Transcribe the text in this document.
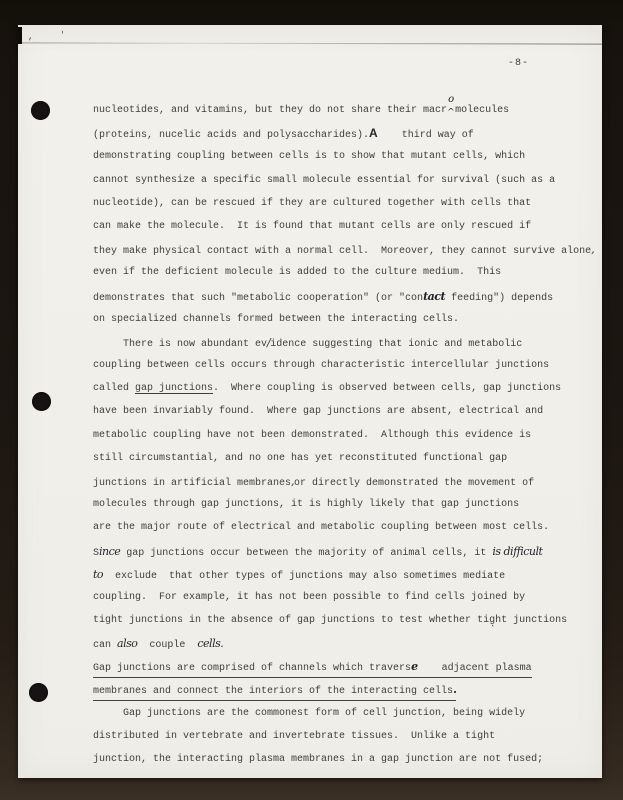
,	'
`
-8-
nucleotides, and vitamins, but they do not share their macr
o
^ molecules
(proteins, nucelic acids and polysaccharides).A    third way of
demonstrating coupling between cells is to show that mutant cells, which
cannot synthesize a specific small molecule essential for survival (such as a
nucleotide), can be rescued if they are cultured together with cells that
can make the molecule.  It is found that mutant cells are only rescued if
they make physical contact with a normal cell.  Moreover, they cannot survive alone,
even if the deficient molecule is added to the culture medium.  This
demonstrates that such "metabolic cooperation" (or "contact feeding") depends
on specialized channels formed between the interacting cells.
There is now abundant ev/idence suggesting that ionic and metabolic
coupling between cells occurs through characteristic intercellular junctions
called gap junctions.  Where coupling is observed between cells, gap junctions
have been invariably found.  Where gap junctions are absent, electrical and
metabolic coupling have not been demonstrated.  Although this evidence is
still circumstantial, and no one has yet reconstituted functional gap
junctions in artificial membranes,or directly demonstrated the movement of
molecules through gap junctions, it is highly likely that gap junctions
are the major route of electrical and metabolic coupling between most cells.
Since gap junctions occur between the majority of animal cells, it is difficult
to  exclude  that other types of junctions may also sometimes mediate
coupling.  For example, it has not been possible to find cells joined by
tight junctions in the absence of gap junctions to test whether tight junctions
can also  couple  cells.
Gap junctions are comprised of channels which traverse    adjacent plasma
membranes and connect the interiors of the interacting cells.
Gap junctions are the commonest form of cell junction, being widely
distributed in vertebrate and invertebrate tissues.  Unlike a tight
junction, the interacting plasma membranes in a gap junction are not fused;
